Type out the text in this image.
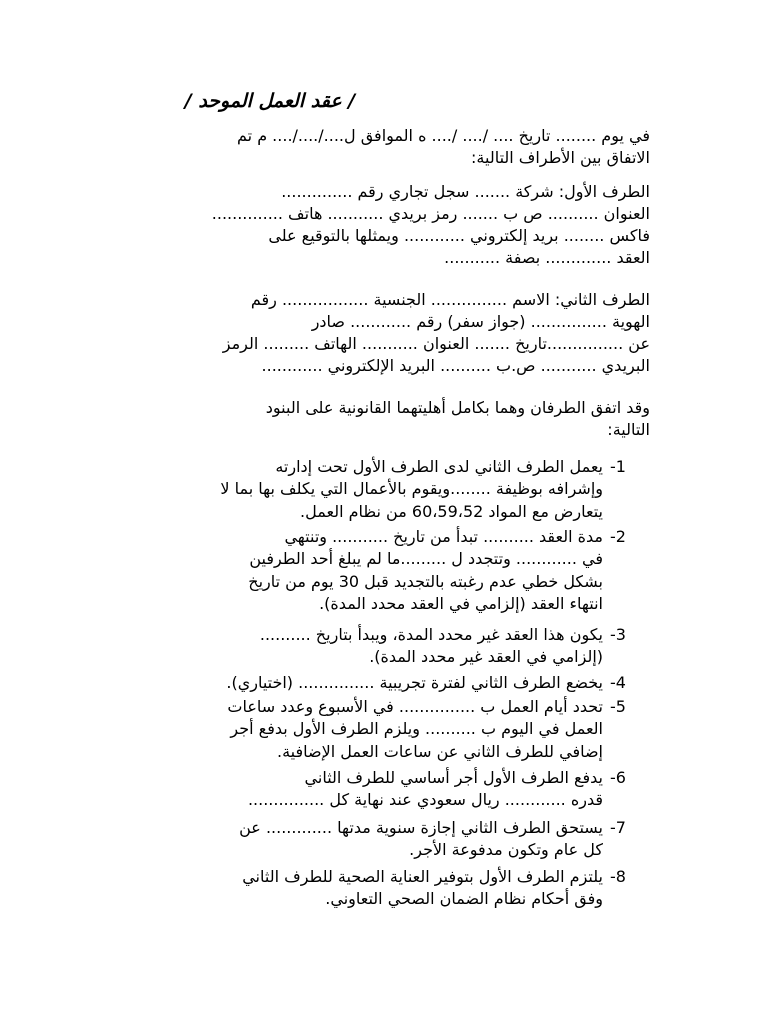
/ عقد العمل الموحد /
في يوم ........ تاريخ .... /.... /.... ه الموافق ل..../..../.... م تم
الاتفاق بين الأطراف التالية:
الطرف الأول: شركة ....... سجل تجاري رقم ..............
العنوان .......... ص ب ....... رمز بريدي ........... هاتف ..............
فاكس ........ بريد إلكتروني ............ ويمثلها بالتوقيع على
العقد ............. بصفة ...........
الطرف الثاني: الاسم ............... الجنسية ................. رقم
الهوية ............... (جواز سفر) رقم ............ صادر
عن ...............تاريخ ....... العنوان ........... الهاتف ......... الرمز
البريدي ........... ص.ب .......... البريد الإلكتروني ............
وقد اتفق الطرفان وهما بكامل أهليتهما القانونية على البنود
التالية:
-1
يعمل الطرف الثاني لدى الطرف الأول تحت إدارته
وإشرافه بوظيفة ........ويقوم بالأعمال التي يكلف بها بما لا
يتعارض مع المواد 60،59،52 من نظام العمل.
-2
مدة العقد .......... تبدأ من تاريخ ........... وتنتهي
في ............ وتتجدد ل .........ما لم يبلغ أحد الطرفين
بشكل خطي عدم رغبته بالتجديد قبل 30 يوم من تاريخ
انتهاء العقد (إلزامي في العقد محدد المدة).
-3
يكون هذا العقد غير محدد المدة، ويبدأ بتاريخ ..........
(إلزامي في العقد غير محدد المدة).
-4
يخضع الطرف الثاني لفترة تجريبية ............... (اختياري).
-5
تحدد أيام العمل ب ............... في الأسبوع وعدد ساعات
العمل في اليوم ب .......... ويلزم الطرف الأول بدفع أجر
إضافي للطرف الثاني عن ساعات العمل الإضافية.
-6
يدفع الطرف الأول أجر أساسي للطرف الثاني
قدره ............ ريال سعودي عند نهاية كل ...............
-7
يستحق الطرف الثاني إجازة سنوية مدتها ............. عن
كل عام وتكون مدفوعة الأجر.
-8
يلتزم الطرف الأول بتوفير العناية الصحية للطرف الثاني
وفق أحكام نظام الضمان الصحي التعاوني.
